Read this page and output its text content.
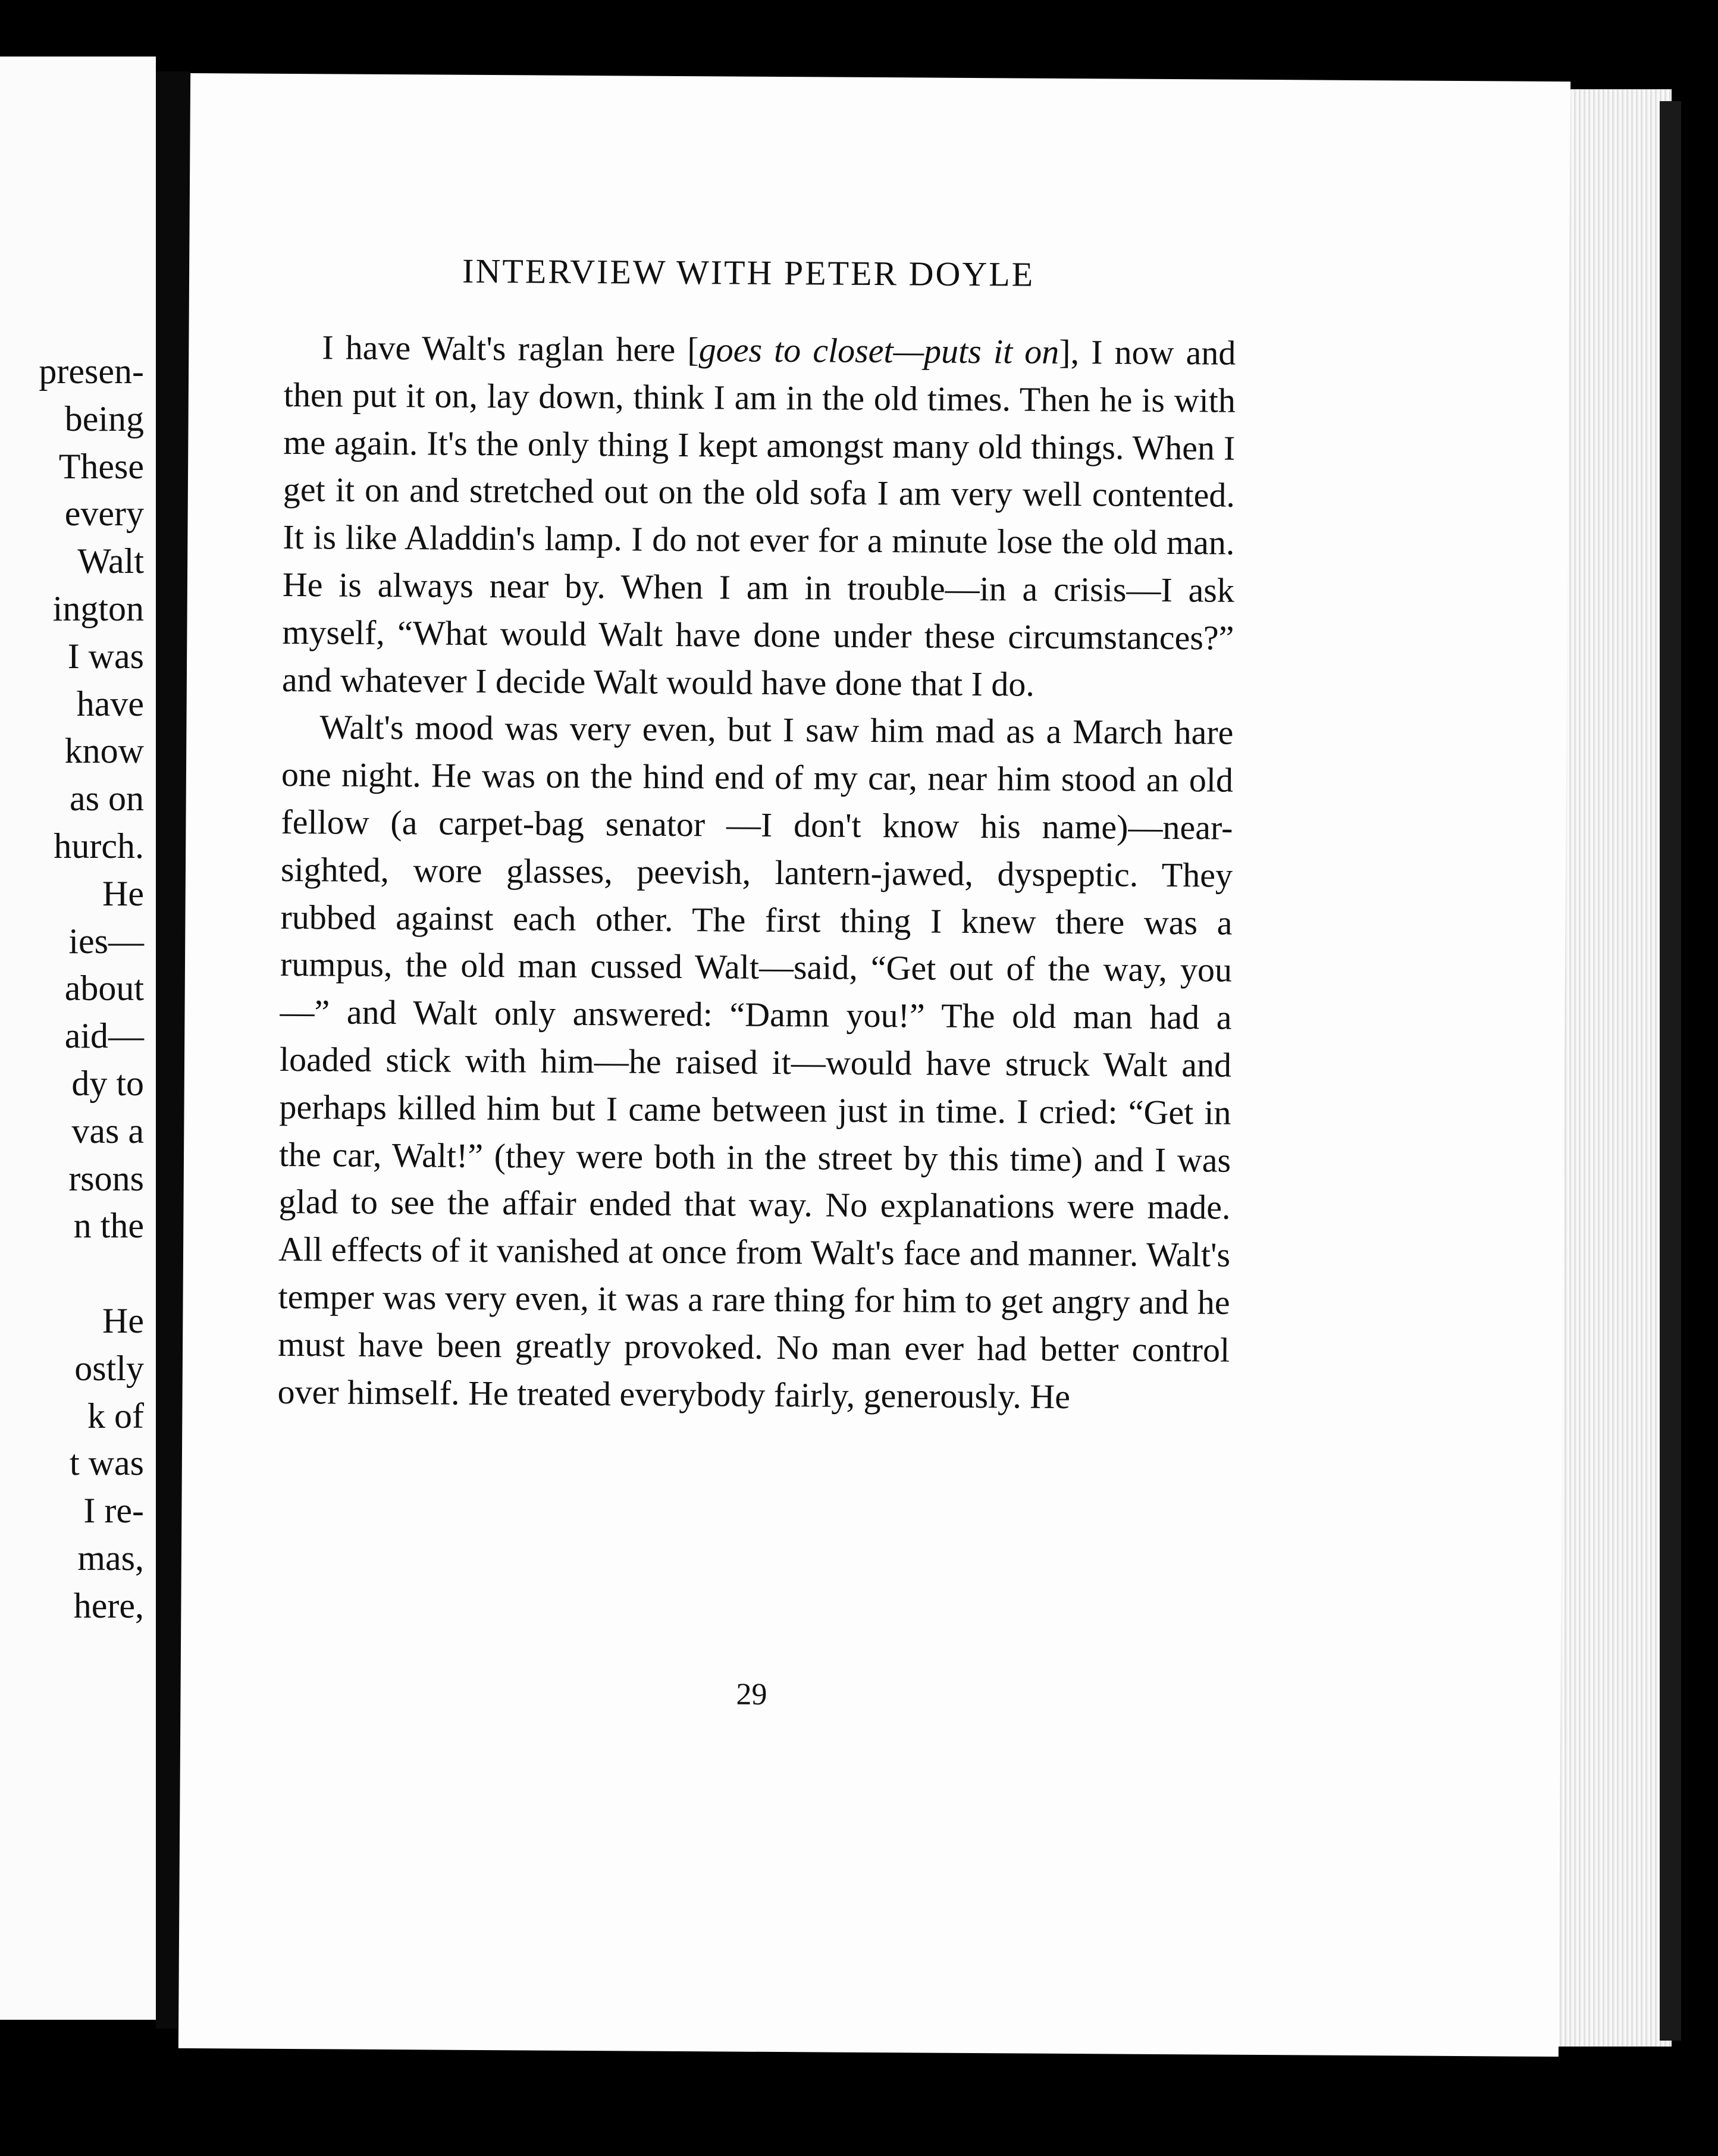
presen-
being
These
every
Walt
ington
I was
have
know
as on
hurch.
He
ies—
about
aid—
dy to
vas a
rsons
n the

He
ostly
k of
t was
I re-
mas,
here,
INTERVIEW WITH PETER DOYLE

I have Walt's raglan here [goes to closet—puts it on], I now and then put it on, lay down, think I am in the old times. Then he is with me again. It's the only thing I kept amongst many old things. When I get it on and stretched out on the old sofa I am very well contented. It is like Aladdin's lamp. I do not ever for a minute lose the old man. He is always near by. When I am in trouble—in a crisis—I ask myself, “What would Walt have done under these circumstances?” and whatever I decide Walt would have done that I do.

Walt's mood was very even, but I saw him mad as a March hare one night. He was on the hind end of my car, near him stood an old fellow (a carpet-bag senator —I don't know his name)—near-sighted, wore glasses, peevish, lantern-jawed, dyspeptic. They rubbed against each other. The first thing I knew there was a rumpus, the old man cussed Walt—said, “Get out of the way, you —” and Walt only answered: “Damn you!” The old man had a loaded stick with him—he raised it—would have struck Walt and perhaps killed him but I came between just in time. I cried: “Get in the car, Walt!” (they were both in the street by this time) and I was glad to see the affair ended that way. No explanations were made. All effects of it vanished at once from Walt's face and manner. Walt's temper was very even, it was a rare thing for him to get angry and he must have been greatly provoked. No man ever had better control over himself. He treated everybody fairly, generously. He

29
